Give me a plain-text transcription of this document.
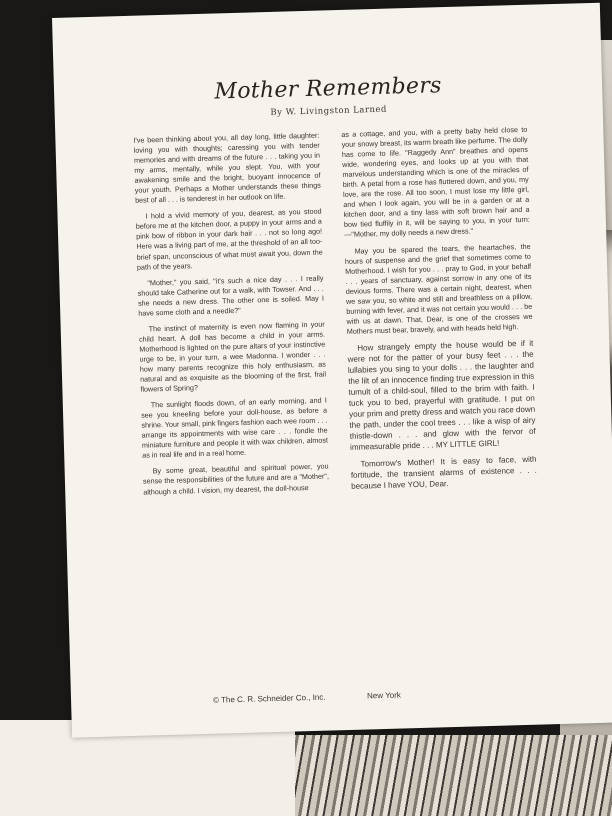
Mother Remembers
By W. Livingston Larned

I've been thinking about you, all day long, little daughter: loving you with thoughts; caressing you with tender memories and with dreams of the future . . . taking you in my arms, mentally, while you slept. You, with your awakening smile and the bright, buoyant innocence of your youth. Perhaps a Mother understands these things best of all . . . is tenderest in her outlook on life.

I hold a vivid memory of you, dearest, as you stood before me at the kitchen door, a puppy in your arms and a pink bow of ribbon in your dark hair . . . not so long ago! Here was a living part of me, at the threshold of an all too-brief span, unconscious of what must await you, down the path of the years.

"Mother," you said, "it's such a nice day . . . I really should take Catherine out for a walk, with Towser. And . . . she needs a new dress. The other one is soiled. May I have some cloth and a needle?"

The instinct of maternity is even now flaming in your child heart. A doll has become a child in your arms. Motherhood is lighted on the pure altars of your instinctive urge to be, in your turn, a wee Madonna. I wonder . . . how many parents recognize this holy enthusiasm, as natural and as exquisite as the blooming of the first, frail flowers of Spring?

The sunlight floods down, of an early morning, and I see you kneeling before your doll-house, as before a shrine. Your small, pink fingers fashion each wee room . . . arrange its appointments with wise care . . . fondle the miniature furniture and people it with wax children, almost as in real life and in a real home.

By some great, beautiful and spiritual power, you sense the responsibilities of the future and are a "Mother", although a child. I vision, my dearest, the doll-house

as a cottage, and you, with a pretty baby held close to your snowy breast, its warm breath like perfume. The dolly has come to life. "Raggedy Ann" breathes and opens wide, wondering eyes, and looks up at you with that marvelous understanding which is one of the miracles of birth. A petal from a rose has fluttered down, and you, my love, are the rose. All too soon, I must lose my little girl, and when I look again, you will be in a garden or at a kitchen door, and a tiny lass with soft brown hair and a bow tied fluffily in it, will be saying to you, in your turn:—"Mother, my dolly needs a new dress."

May you be spared the tears, the heartaches, the hours of suspense and the grief that sometimes come to Motherhood. I wish for you . . . pray to God, in your behalf . . . years of sanctuary, against sorrow in any one of its devious forms. There was a certain night, dearest, when we saw you, so white and still and breathless on a pillow, burning with fever, and it was not certain you would . . . be with us at dawn. That, Dear, is one of the crosses we Mothers must bear, bravely, and with heads held high.

How strangely empty the house would be if it were not for the patter of your busy feet . . . the lullabies you sing to your dolls . . . the laughter and the lilt of an innocence finding true expression in this tumult of a child-soul, filled to the brim with faith. I tuck you to bed, prayerful with gratitude. I put on your prim and pretty dress and watch you race down the path, under the cool trees . . . like a wisp of airy thistle-down . . . and glow with the fervor of immeasurable pride . . . MY LITTLE GIRL!

Tomorrow's Mother! It is easy to face, with fortitude, the transient alarms of existence . . . because I have YOU, Dear.

© The C. R. Schneider Co., Inc.	New York
